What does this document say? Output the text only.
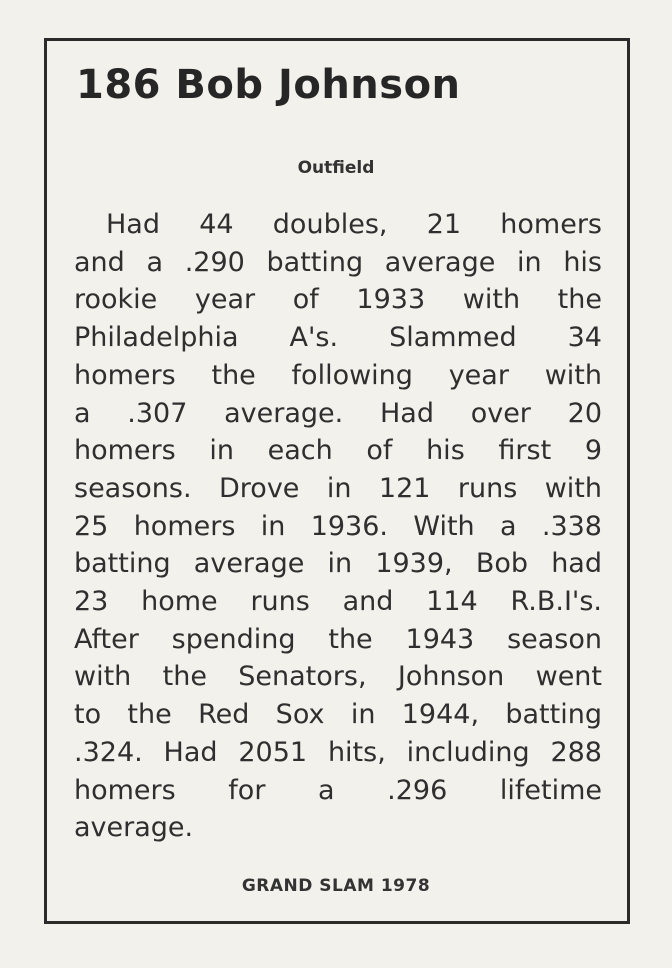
186 Bob Johnson
Outfield
Had 44 doubles, 21 homers
and a .290 batting average in his
rookie year of 1933 with the
Philadelphia A's. Slammed 34
homers the following year with
a .307 average. Had over 20
homers in each of his first 9
seasons. Drove in 121 runs with
25 homers in 1936. With a .338
batting average in 1939, Bob had
23 home runs and 114 R.B.I's.
After spending the 1943 season
with the Senators, Johnson went
to the Red Sox in 1944, batting
.324. Had 2051 hits, including 288
homers for a .296 lifetime
average.
GRAND SLAM 1978
